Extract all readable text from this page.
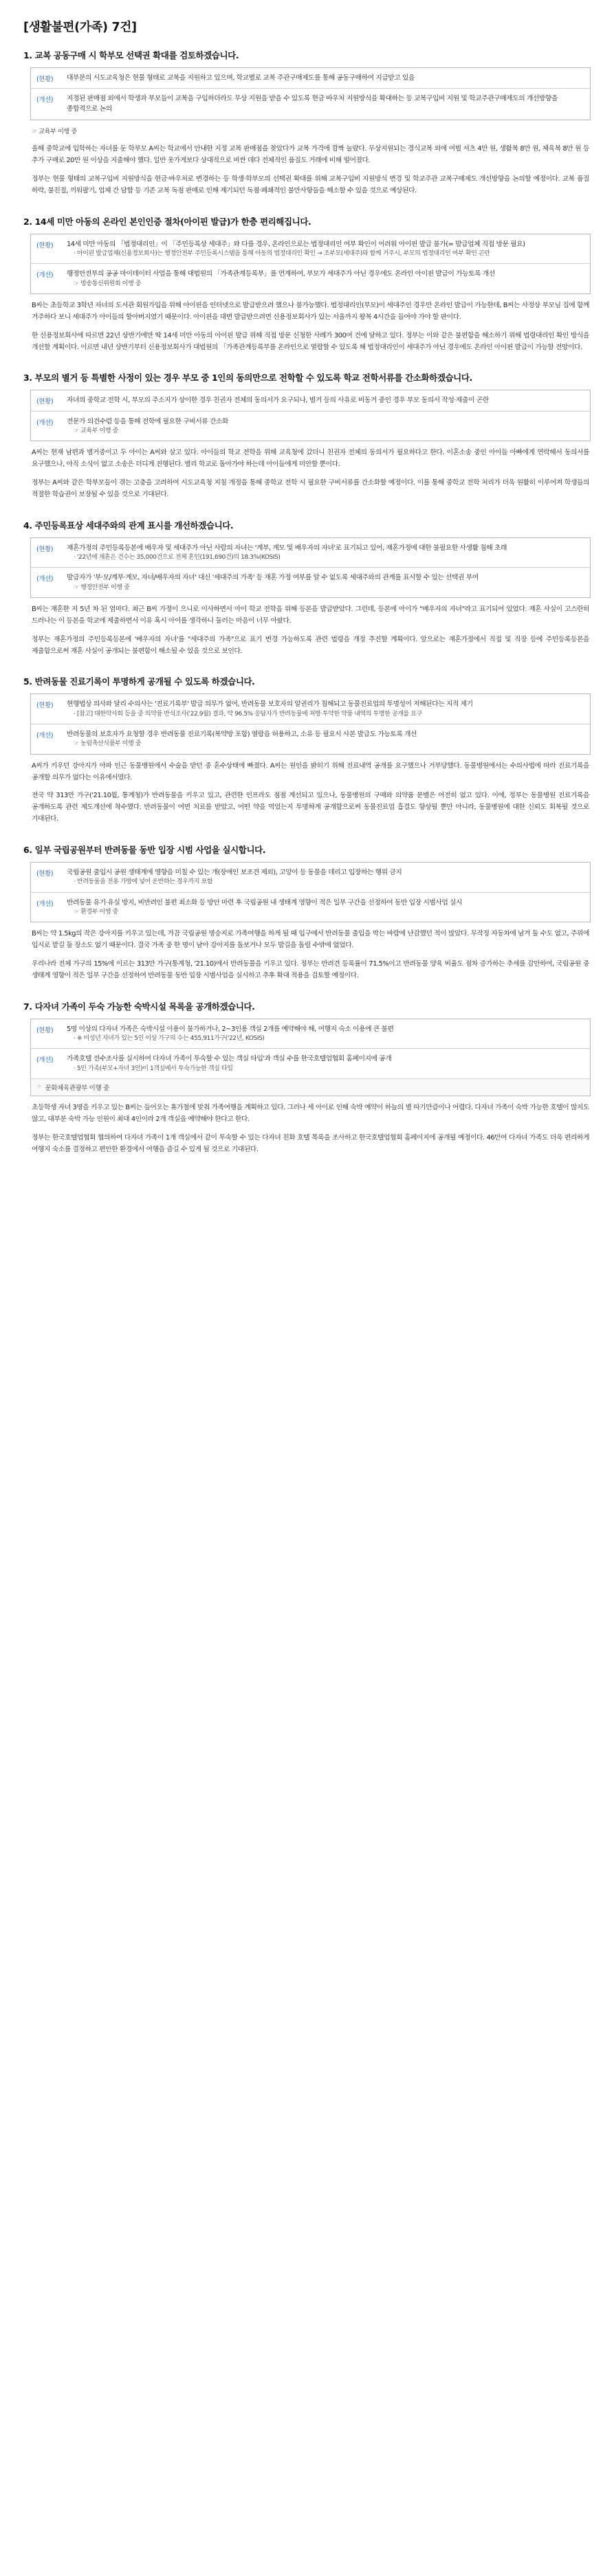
[생활불편(가족) 7건]
1. 교복 공동구매 시 학부모 선택권 확대를 검토하겠습니다.
(현황)	대부분의 시도교육청은 현물 형태로 교복을 지원하고 있으며, 학교별로 교복 주관구매제도를 통해 공동구매하여 지급받고 있음
(개선)	지정된 판매점 외에서 학생과 부모들이 교복을 구입하더라도 무상 지원을 받을 수 있도록 현금 바우처 지원방식을 확대하는 등 교복구입비 지원 및 학교주관구매제도의 개선방향을 종합적으로 논의
☞ 교육부 이행 중

올해 중학교에 입학하는 자녀를 둔 학부모 A씨는 학교에서 안내한 지정 교복 판매점을 찾았다가 교복 가격에 깜짝 놀랐다. 무상지원되는 경식교복 외에 여벌 셔츠 4만 원, 생활복 8만 원, 체육복 8만 원 등 추가 구매로 20만 원 이상을 지출해야 했다. 일반 옷가게보다 상대적으로 비싼 데다 전체적인 품질도 거래에 비해 떨어졌다.

정부는 현물 형태의 교복구입비 지원방식을 현금·바우처로 변경하는 등 학생·학부모의 선택권 확대를 위해 교복구입비 지원방식 변경 및 학교주관 교복구매제도 개선방향을 논의할 예정이다. 교복 품질 하락, 불친절, 끼워팔기, 업체 간 담합 등 기존 교복 독점 판매로 인해 제기되던 독점·폐쇄적인 불만사항들을 해소할 수 있을 것으로 예상된다.

2. 14세 미만 아동의 온라인 본인인증 절차(아이핀 발급)가 한층 편리해집니다.
(현황)	14세 미만 아동의 「법정대리인」이 「주민등록상 세대주」와 다를 경우, 온라인으로는 법정대리인 여부 확인이 어려워 아이핀 발급 불가(= 발급업체 직접 방문 필요)
· 아이핀 발급업체(신용정보회사)는 행정안전부 주민등록시스템을 통해 아동의 법정대리인 확인 → 조부모(세대주)와 함께 거주시, 부모의 법정대리인 여부 확인 곤란
(개선)	행정안전부의 공공 마이데이터 사업을 통해 대법원의 「가족관계등록부」를 연계하여, 부모가 세대주가 아닌 경우에도 온라인 아이핀 발급이 가능토록 개선
☞ 방송통신위원회 이행 중

B씨는 초등학교 3학년 자녀의 도서관 회원가입을 위해 아이핀을 인터넷으로 발급받으려 했으나 불가능했다. 법정대리인(부모)이 세대주인 경우만 온라인 발급이 가능한데, B씨는 사정상 부모님 집에 함께 거주하다 보니 세대주가 아이들의 할아버지였기 때문이다. 아이핀을 대면 발급받으려면 신용정보회사가 있는 서울까지 왕복 4시간을 들여야 가야 할 판이다.

한 신용정보회사에 따르면 22년 상반기에만 딱 14세 미만 아동의 아이핀 발급 위해 직접 방문 신청한 사례가 300여 건에 달하고 있다. 정부는 이와 같은 불편함을 해소하기 위해 법령대리인 확인 방식을 개선할 계획이다. 이르면 내년 상반기부터 신용정보회사가 대법원의 「가족관계등록부를 온라인으로 열람할 수 있도록 해 법정대리인이 세대주가 아닌 경우에도 온라인 아이핀 발급이 가능할 전망이다.

3. 부모의 별거 등 특별한 사정이 있는 경우 부모 중 1인의 동의만으로 전학할 수 있도록 학교 전학서류를 간소화하겠습니다.
(현황)	자녀의 중학교 전학 시, 부모의 주소지가 상이한 경우 친권자 전체의 동의서가 요구되나, 별거 등의 사유로 비동거 중인 경우 부모 동의서 작성·제출이 곤란
(개선)	전문가 의견수렴 등을 통해 전학에 필요한 구비서류 간소화
☞ 교육부 이행 중

A씨는 현재 남편과 별거중이고 두 아이는 A씨와 살고 있다. 아이들의 학교 전학을 위해 교육청에 갔더니 친권자 전체의 동의서가 필요하다고 한다. 이혼소송 중인 아이들 아빠에게 연락해서 동의서를 요구했으나, 아직 소식이 없고 소송은 더디게 진행된다. 별리 학교로 돌아가야 하는데 아이들에게 미안할 뿐이다.

정부는 A씨와 같은 학부모들이 겪는 고충을 고려하여 시도교육청 지침 개정을 통해 중학교 전학 시 필요한 구비서류를 간소화할 예정이다. 이를 통해 중학교 전학 처리가 더욱 원활히 이루어져 학생들의 적절한 학습권이 보장될 수 있을 것으로 기대된다.

4. 주민등록표상 세대주와의 관계 표시를 개선하겠습니다.
(현황)	재혼가정의 주민등록등본에 배우자 및 세대주가 아닌 사람의 자녀는 '계부, 계모 및 배우자의 자녀'로 표기되고 있어, 재혼가정에 대한 불필요한 사생활 침해 초래
· '22년에 재혼은 건수는 35,000건으로 전체 혼인(191,690건)의 18.3%(KOSIS)
(개선)	발급자가 '부·모/계부·계모, 자녀/배우자의 자녀' 대신 '세대주의 가족' 등 재혼 가정 여부를 알 수 없도록 세대주와의 관계를 표시할 수 있는 선택권 부여
☞ 행정안전부 이행 중

B씨는 재혼한 지 5년 차 된 엄마다. 최근 B씨 가정이 으니로 이사하면서 아이 학교 전학을 위해 등본을 발급받았다. 그런데, 등본에 아이가 "배우자의 자녀"라고 표기되어 있었다. 재혼 사실이 고스란히 드러나는 이 등본을 학교에 제출하면서 이유 혹시 아이를 생각하니 둘러는 마음이 너무 아팠다.

정부는 재혼가정의 주민등록등본에 '배우자의 자녀'를 "세대주의 가족"으로 표기 변경 가능하도록 관련 법령을 개정 추진할 계획이다. 앞으로는 재혼가정에서 직접 및 직장 등에 주민등록등본을 제출함으로써 재혼 사실이 공개되는 불편함이 해소될 수 있을 것으로 보인다.

5. 반려동물 진료기록이 투명하게 공개될 수 있도록 하겠습니다.
(현황)	현행법상 의사와 달리 수의사는 '진료기록부' 발급 의무가 없어, 반려동물 보호자의 알권리가 침해되고 동물진료업의 투명성이 저해된다는 지적 제기
· [참고] 대한약사회 등을 중 의약품 반식조사('22.9월) 결과, 약 96.5% 응답자가 반려동물에 처방·투약한 약품 내역의 투명한 공개를 요구
(개선)	반려동물의 보호자가 요청할 경우 반려동물 진료기록(복약방 포함) 열람을 허용하고, 소유 등 필요시 사본 발급도 가능토록 개선
☞ 농림축산식품부 이행 중

A씨가 키우던 강아지가 아파 인근 동물병원에서 수술을 받던 중 혼수상태에 빠졌다. A씨는 원인을 밝히기 위해 진료내역 공개를 요구했으나 거부당했다. 동물병원에서는 수의사법에 따라 진료기록을 공개할 의무가 없다는 이유에서였다.

전국 약 313만 가구('21.10월, 통계청)가 반려동물을 키우고 있고, 관련한 인프라도 점점 계선되고 있으나, 동물병원의 구매와 의약품 분별은 여전히 없고 있다. 이에, 정부는 동물병원 진료기록을 공개하도록 관련 제도개선에 착수했다. 반려동물이 여면 치료를 받았고, 어떤 약을 먹었는지 투명하게 공개함으로써 동물진료업 흡결도 향상될 뿐만 아니라, 동물병원에 대한 신뢰도 회복될 것으로 기대된다.

6. 일부 국립공원부터 반려동물 동반 입장 시범 사업을 실시합니다.
(현황)	국립공원 출입시 공원 생태계에 영향을 미칠 수 있는 개(장애인 보조견 제외), 고양이 등 동물을 데리고 입장하는 행위 금지
· 반려동물을 전용 가방에 넣어 운반하는 경우까지 포함
(개선)	반려동물 유기·유실 방지, 비반려인 불편 최소화 등 방안 마련 후 국립공원 내 생태계 영향이 적은 일부 구간을 선정하여 동반 입장 시범사업 실시
☞ 환경부 이행 중

B씨는 약 1.5kg의 작은 강아지를 키우고 있는데, 가끔 국립공원 명승지로 가족여행을 하게 될 때 입구에서 반려동물 출입을 막는 바람에 난감했던 적이 많았다. 무작정 자동차에 남겨 둘 수도 없고, 주위에 입시로 맡길 둘 장소도 없기 때문이다. 결국 가족 중 한 명이 남아 강아지를 돌보거나 모두 발길을 돌릴 수밖에 없었다.

우리나라 전체 가구의 15%에 이르는 313만 가구(통계청, '21.10)에서 반려동물을 키우고 있다. 정부는 반려견 등록률이 71.5%이고 반려동물 양육 비율도 점차 증가하는 추세를 감안하여, 국립공원 중 생태계 영향이 적은 일부 구간을 선정하여 반려동물 동반 입장 시범사업을 실시하고 추후 확대 적용을 검토할 예정이다.

7. 다자녀 가족이 두숙 가능한 숙박시설 목록을 공개하겠습니다.
(현황)	5명 이상의 다자녀 가족은 숙박시설 이용이 불가하거나, 2~3인용 객실 2개를 예약해야 해, 여행지 숙소 이용에 큰 불편
· ※ 미성년 자녀가 있는 5인 이상 가구의 수는 455,911가구('22년, KOSIS)
(개선)	가족호텔 전수조사를 실시하여 다자녀 가족이 투숙할 수 있는 객실 타입'과 객실 수를 한국호텔업협회 홈페이지에 공개
· 5인 가족(부모+자녀 3인)이 1객실에서 투숙가능한 객실 타입
☞ 문화체육관광부 이행 중

초등학생 자녀 3명을 키우고 있는 B씨는 들어오는 휴가철에 맞춰 가족여행을 계획하고 있다. 그러나 세 아이로 인해 숙박 예약이 하늘의 별 따기만큼이나 어렵다. 다자녀 가족이 숙박 가능한 호텔이 많지도 않고, 대부분 숙박 가능 인원이 최대 4인이라 2개 객실을 예약해야 한다고 한다.

정부는 한국호텔업협회 협의하여 다자녀 가족이 1개 객실에서 같이 투숙할 수 있는 다자녀 친화 호텔 목록을 조사하고 한국호텔업협회 홈페이지에 공개될 예정이다. 46만여 다자녀 가족도 더욱 편리하게 여행지 숙소를 결정하고 편안한 환경에서 여행을 즐길 수 있게 될 것으로 기대된다.
